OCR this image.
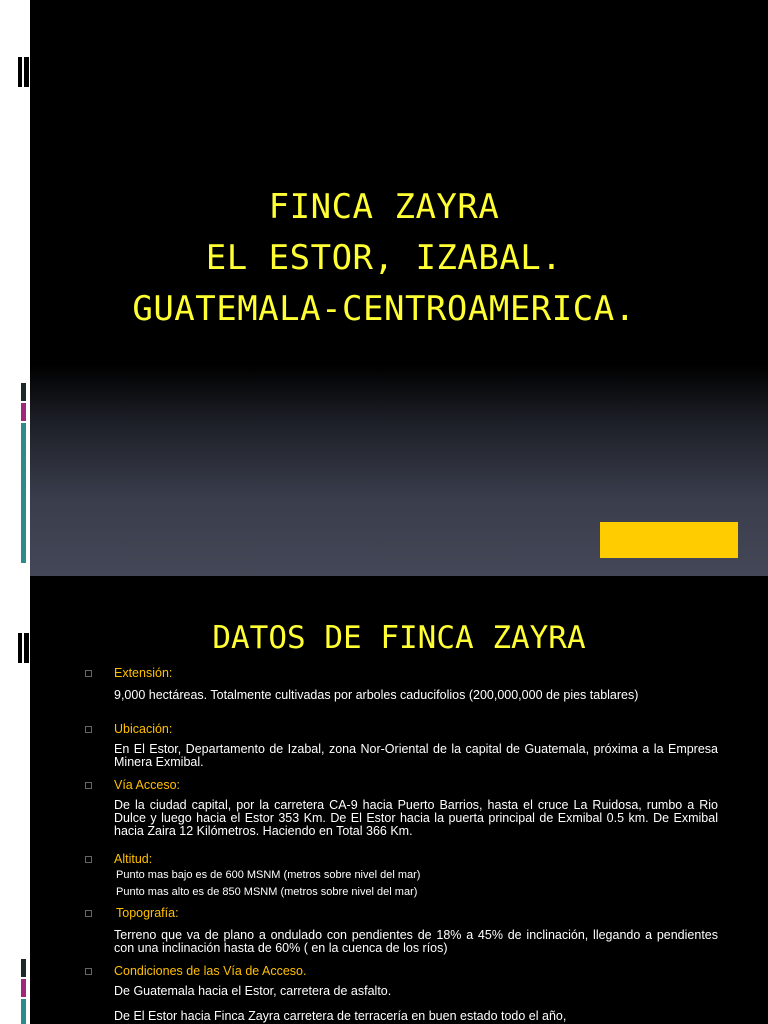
FINCA ZAYRA
EL ESTOR, IZABAL.
GUATEMALA-CENTROAMERICA.
DATOS DE FINCA ZAYRA
Extensión:
9,000 hectáreas. Totalmente cultivadas por arboles caducifolios (200,000,000 de pies tablares)
Ubicación:
En El Estor, Departamento de Izabal, zona Nor-Oriental de la capital de Guatemala, próxima a la Empresa Minera Exmibal.
Vía Acceso:
De la ciudad capital, por la carretera CA-9 hacia Puerto Barrios, hasta el cruce La Ruidosa, rumbo a Rio Dulce y luego hacia el Estor 353 Km. De El Estor hacia la puerta principal de Exmibal 0.5 km. De Exmibal hacia Zaira 12 Kilómetros. Haciendo en Total 366 Km.
Altitud:
Punto mas bajo es de 600 MSNM (metros sobre nivel del mar)
Punto mas alto es de 850 MSNM (metros sobre nivel del mar)
Topografía:
Terreno que va de plano a ondulado con pendientes de 18% a 45% de inclinación, llegando a pendientes con una inclinación hasta de 60% ( en la cuenca de los ríos)
Condiciones de las Vía de Acceso.
De Guatemala hacia el Estor, carretera de asfalto.
De El Estor hacia Finca Zayra carretera de terracería en buen estado todo el año,
